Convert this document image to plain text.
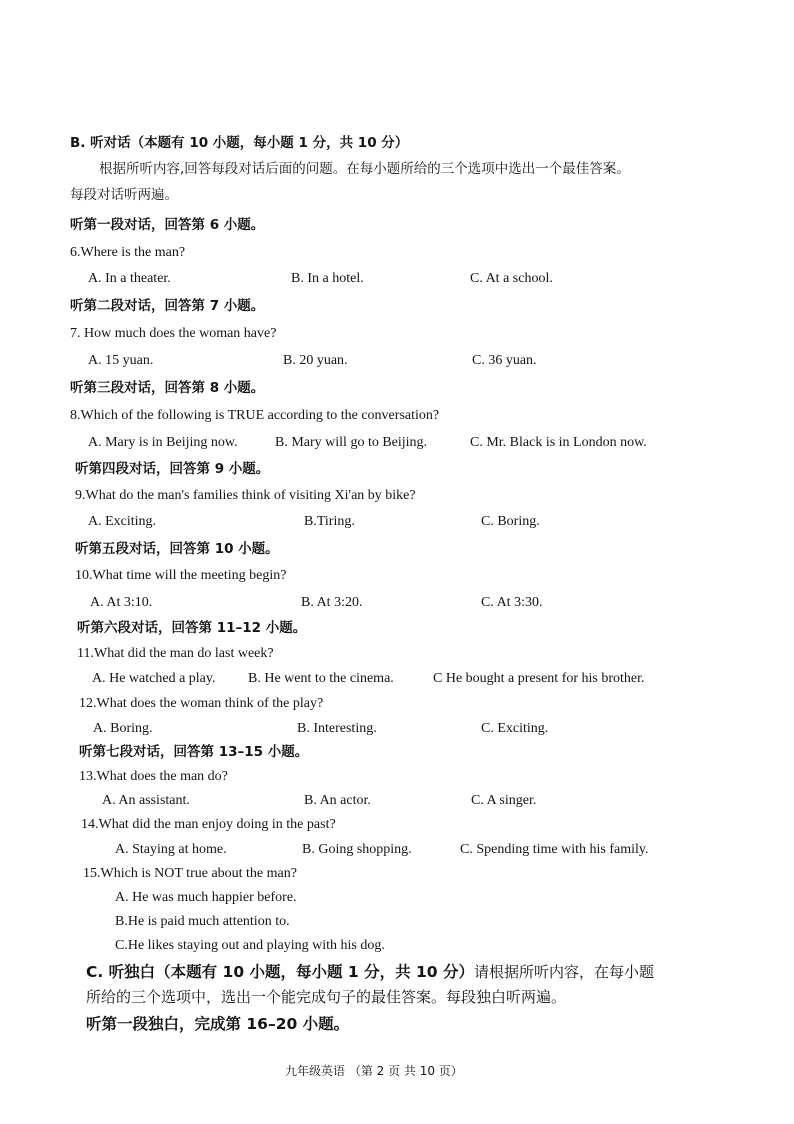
B. 听对话（本题有 10 小题，每小题 1 分，共 10 分）
根据所听内容,回答每段对话后面的问题。在每小题所给的三个选项中选出一个最佳答案。
每段对话听两遍。
听第一段对话，回答第 6 小题。
6.Where is the man?
A. In a theater.	B. In a hotel.	C. At a school.
听第二段对话，回答第 7 小题。
7. How much does the woman have?
A. 15 yuan.	B. 20 yuan.	C. 36 yuan.
听第三段对话，回答第 8 小题。
8.Which of the following is TRUE according to the conversation?
A. Mary is in Beijing now.	B. Mary will go to Beijing.	C. Mr. Black is in London now.
听第四段对话，回答第 9 小题。
9.What do the man's families think of visiting Xi'an by bike?
A. Exciting.	B.Tiring.	C. Boring.
听第五段对话，回答第 10 小题。
10.What time will the meeting begin?
A. At 3:10.	B. At 3:20.	C. At 3:30.
听第六段对话，回答第 11–12 小题。
11.What did the man do last week?
A. He watched a play. B. He went to the cinema.	C He bought a present for his brother.
12.What does the woman think of the play?
A. Boring.	B. Interesting.	C. Exciting.
听第七段对话，回答第 13–15 小题。
13.What does the man do?
A. An assistant.	B. An actor.	C. A singer.
14.What did the man enjoy doing in the past?
A. Staying at home.	B. Going shopping.	C. Spending time with his family.
15.Which is NOT true about the man?
A. He was much happier before.
B.He is paid much attention to.
C.He likes staying out and playing with his dog.
C. 听独白（本题有 10 小题，每小题 1 分，共 10 分）请根据所听内容，在每小题
所给的三个选项中，选出一个能完成句子的最佳答案。每段独白听两遍。
听第一段独白，完成第 16–20 小题。
九年级英语 （第 2 页 共 10 页）
